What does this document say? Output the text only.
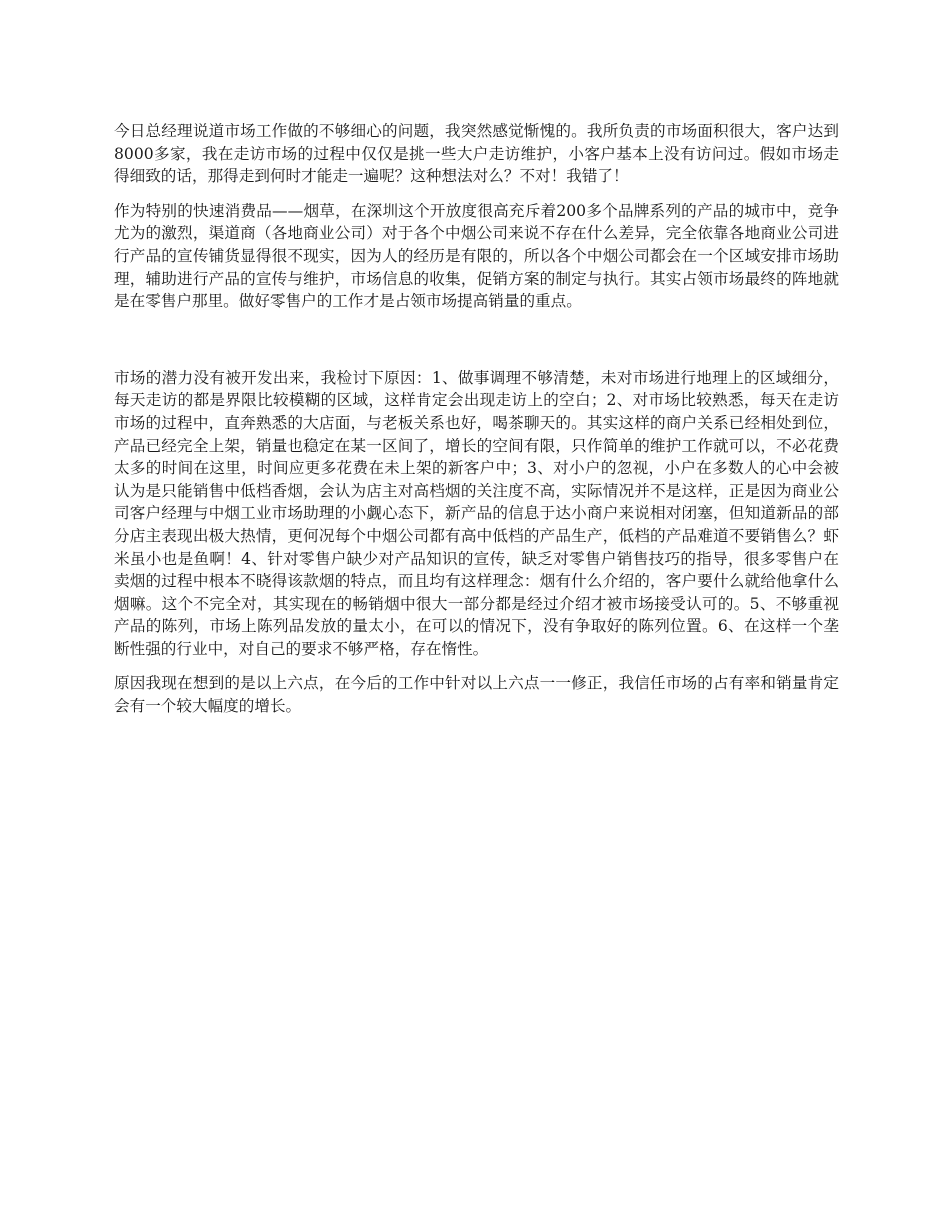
今日总经理说道市场工作做的不够细心的问题，我突然感觉惭愧的。我所负责的市场面积很大，客户达到8000多家，我在走访市场的过程中仅仅是挑一些大户走访维护，小客户基本上没有访问过。假如市场走得细致的话，那得走到何时才能走一遍呢？这种想法对么？不对！我错了！

作为特别的快速消费品——烟草，在深圳这个开放度很高充斥着200多个品牌系列的产品的城市中，竞争尤为的激烈，渠道商（各地商业公司）对于各个中烟公司来说不存在什么差异，完全依靠各地商业公司进行产品的宣传铺货显得很不现实，因为人的经历是有限的，所以各个中烟公司都会在一个区域安排市场助理，辅助进行产品的宣传与维护，市场信息的收集，促销方案的制定与执行。其实占领市场最终的阵地就是在零售户那里。做好零售户的工作才是占领市场提高销量的重点。

市场的潜力没有被开发出来，我检讨下原因：1、做事调理不够清楚，未对市场进行地理上的区域细分，每天走访的都是界限比较模糊的区域，这样肯定会出现走访上的空白；2、对市场比较熟悉，每天在走访市场的过程中，直奔熟悉的大店面，与老板关系也好，喝茶聊天的。其实这样的商户关系已经相处到位，产品已经完全上架，销量也稳定在某一区间了，增长的空间有限，只作简单的维护工作就可以，不必花费太多的时间在这里，时间应更多花费在未上架的新客户中；3、对小户的忽视，小户在多数人的心中会被认为是只能销售中低档香烟，会认为店主对高档烟的关注度不高，实际情况并不是这样，正是因为商业公司客户经理与中烟工业市场助理的小觑心态下，新产品的信息于达小商户来说相对闭塞，但知道新品的部分店主表现出极大热情，更何况每个中烟公司都有高中低档的产品生产，低档的产品难道不要销售么？虾米虽小也是鱼啊！4、针对零售户缺少对产品知识的宣传，缺乏对零售户销售技巧的指导，很多零售户在卖烟的过程中根本不晓得该款烟的特点，而且均有这样理念：烟有什么介绍的，客户要什么就给他拿什么烟嘛。这个不完全对，其实现在的畅销烟中很大一部分都是经过介绍才被市场接受认可的。5、不够重视产品的陈列，市场上陈列品发放的量太小，在可以的情况下，没有争取好的陈列位置。6、在这样一个垄断性强的行业中，对自己的要求不够严格，存在惰性。

原因我现在想到的是以上六点，在今后的工作中针对以上六点一一修正，我信任市场的占有率和销量肯定会有一个较大幅度的增长。
